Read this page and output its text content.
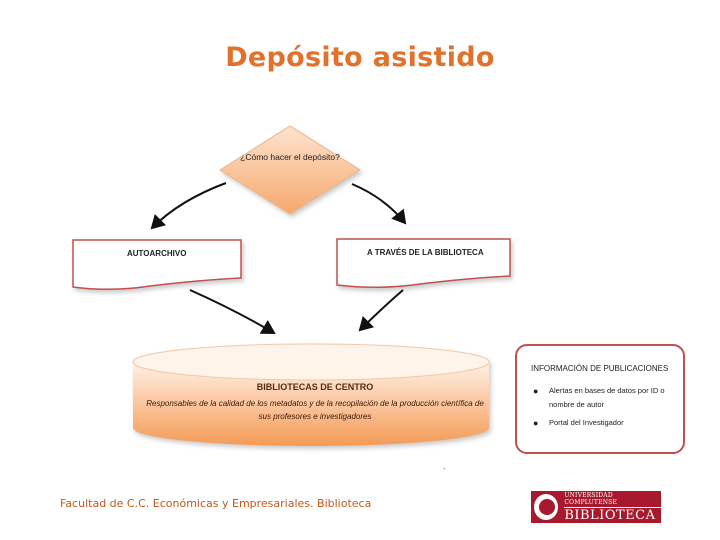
Depósito asistido
¿Cómo hacer el depósito?
AUTOARCHIVO	A TRAVÉS DE LA BIBLIOTECA
BIBLIOTECAS DE CENTRO
Responsables de la calidad de los metadatos y de la recopilación de la producción científica de sus profesores e investigadores
INFORMACIÓN DE PUBLICACIONES
● Alertas en bases de datos por ID o nombre de autor
● Portal del Investigador
-
Facultad de C.C. Económicas y Empresariales. Biblioteca
UNIVERSIDAD COMPLUTENSE
BIBLIOTECA
